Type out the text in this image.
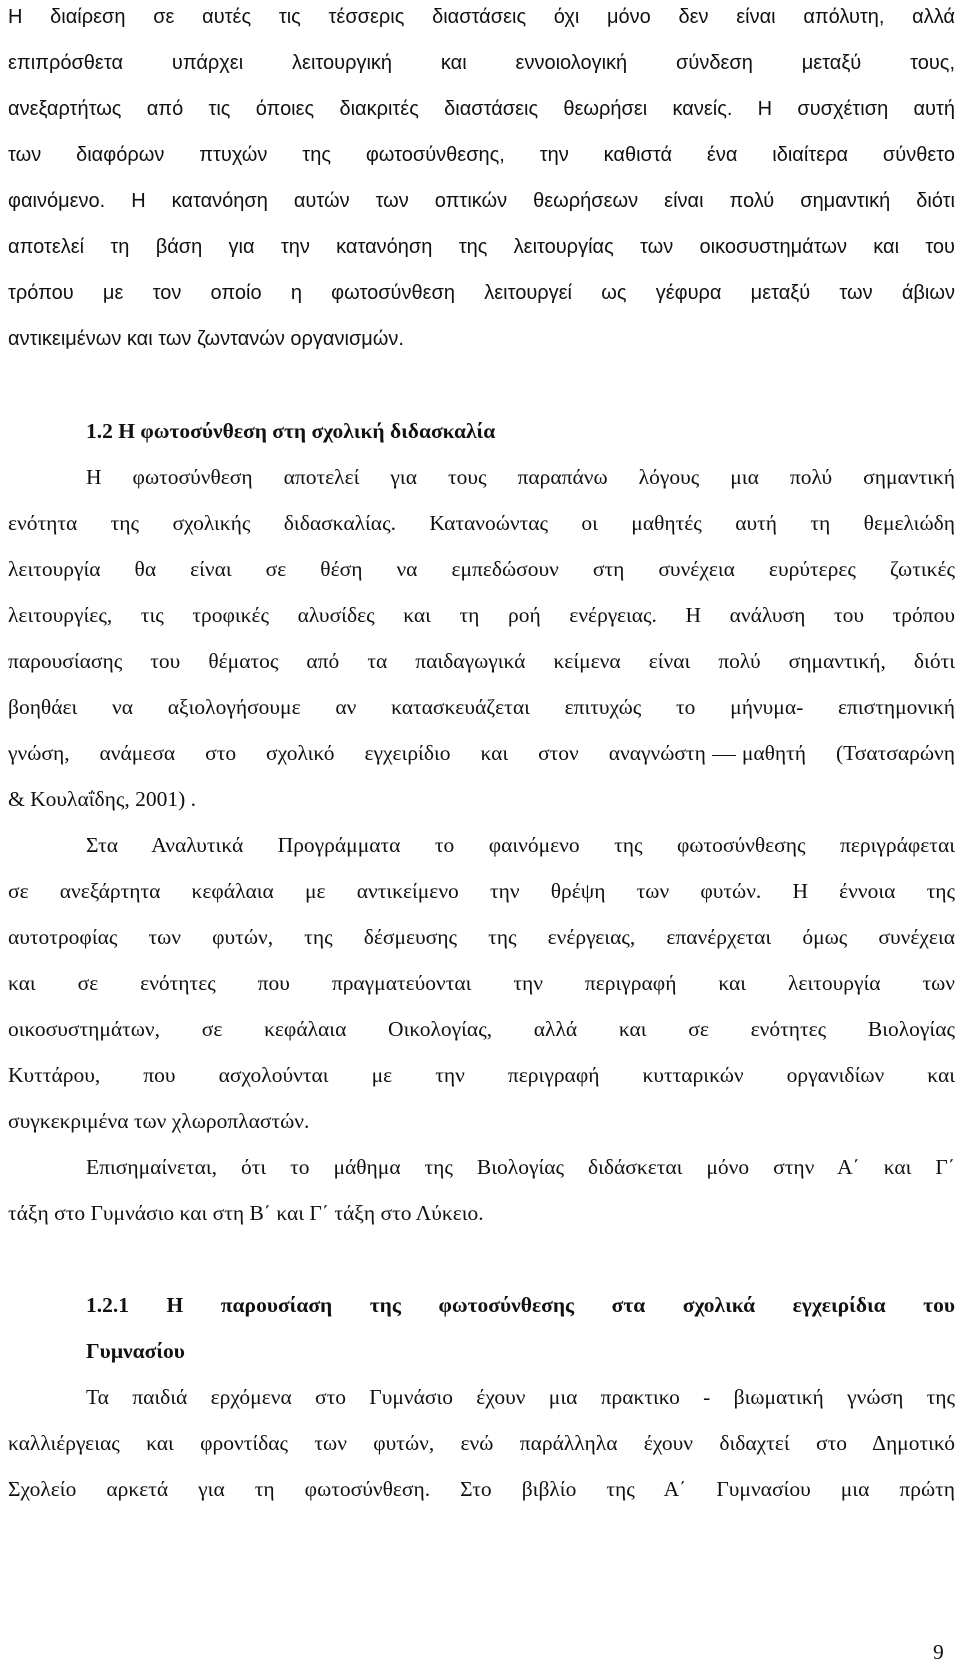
Η διαίρεση σε αυτές τις τέσσερις διαστάσεις όχι μόνο δεν είναι απόλυτη, αλλά
επιπρόσθετα υπάρχει λειτουργική και εννοιολογική σύνδεση μεταξύ τους,
ανεξαρτήτως από τις όποιες διακριτές διαστάσεις θεωρήσει κανείς. Η συσχέτιση αυτή
των διαφόρων πτυχών της φωτοσύνθεσης, την καθιστά ένα ιδιαίτερα σύνθετο
φαινόμενο. Η κατανόηση αυτών των οπτικών θεωρήσεων είναι πολύ σημαντική διότι
αποτελεί τη βάση για την κατανόηση της λειτουργίας των οικοσυστημάτων και του
τρόπου με τον οποίο η φωτοσύνθεση λειτουργεί ως γέφυρα μεταξύ των άβιων
αντικειμένων και των ζωντανών οργανισμών.
1.2 Η φωτοσύνθεση στη σχολική διδασκαλία
Η φωτοσύνθεση αποτελεί για τους παραπάνω λόγους μια πολύ σημαντική
ενότητα της σχολικής διδασκαλίας. Κατανοώντας οι μαθητές αυτή τη θεμελιώδη
λειτουργία θα είναι σε θέση να εμπεδώσουν στη συνέχεια ευρύτερες ζωτικές
λειτουργίες, τις τροφικές αλυσίδες και τη ροή ενέργειας. Η ανάλυση του τρόπου
παρουσίασης του θέματος από τα παιδαγωγικά κείμενα είναι πολύ σημαντική, διότι
βοηθάει να αξιολογήσουμε αν κατασκευάζεται επιτυχώς το μήνυμα- επιστημονική
γνώση, ανάμεσα στο σχολικό εγχειρίδιο και στον αναγνώστη μαθητή (Τσατσαρώνη
& Κουλαΐδης, 2001) .
Στα Αναλυτικά Προγράμματα το φαινόμενο της φωτοσύνθεσης περιγράφεται
σε ανεξάρτητα κεφάλαια με αντικείμενο την θρέψη των φυτών. Η έννοια της
αυτοτροφίας των φυτών, της δέσμευσης της ενέργειας, επανέρχεται όμως συνέχεια
και σε ενότητες που πραγματεύονται την περιγραφή και λειτουργία των
οικοσυστημάτων, σε κεφάλαια Οικολογίας, αλλά και σε ενότητες Βιολογίας
Κυττάρου, που ασχολούνται με την περιγραφή κυτταρικών οργανιδίων και
συγκεκριμένα των χλωροπλαστών.
Επισημαίνεται, ότι το μάθημα της Βιολογίας διδάσκεται μόνο στην Α΄ και Γ΄
τάξη στο Γυμνάσιο και στη Β΄ και Γ΄ τάξη στο Λύκειο.
1.2.1 Η παρουσίαση της φωτοσύνθεσης στα σχολικά εγχειρίδια του
Γυμνασίου
Τα παιδιά ερχόμενα στο Γυμνάσιο έχουν μια πρακτικο - βιωματική γνώση της
καλλιέργειας και φροντίδας των φυτών, ενώ παράλληλα έχουν διδαχτεί στο Δημοτικό
Σχολείο αρκετά για τη φωτοσύνθεση. Στο βιβλίο της Α΄ Γυμνασίου μια πρώτη
9
